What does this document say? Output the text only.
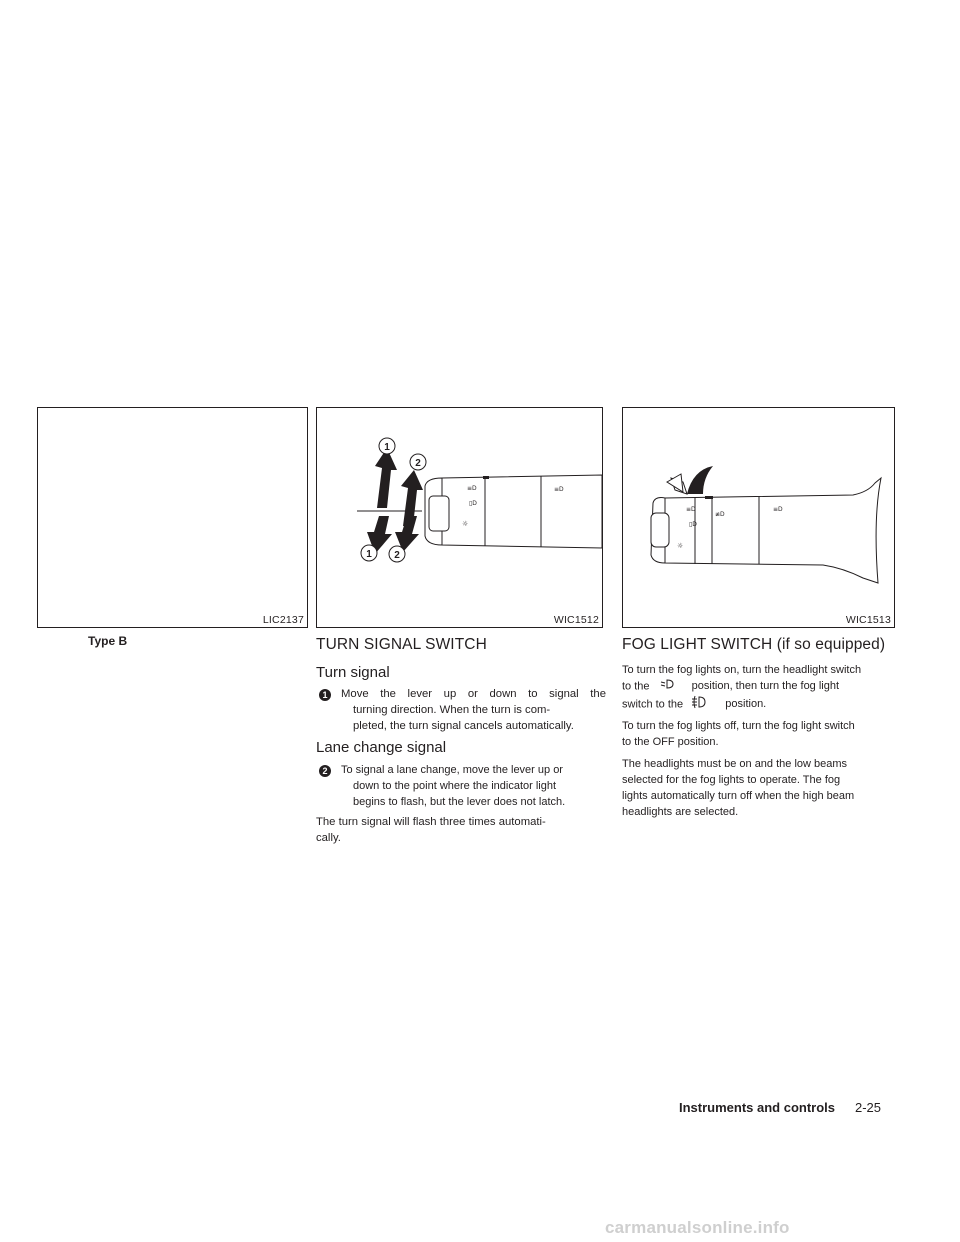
LIC2137
Type B
≡D
▯D
☼
≡D
1
2
1 2
WIC1512
≡D
▯D
≢D
☼
≡D
WIC1513
TURN SIGNAL SWITCH
Turn signal
1	Move the lever up or down to signal the
turning direction. When the turn is com-
pleted, the turn signal cancels automatically.
Lane change signal
2	To signal a lane change, move the lever up or
down to the point where the indicator light
begins to flash, but the lever does not latch.
The turn signal will flash three times automati-
cally.
FOG LIGHT SWITCH (if so equipped)
To turn the fog lights on, turn the headlight switch
to the	position, then turn the fog light
switch to the	position.
To turn the fog lights off, turn the fog light switch
to the OFF position.
The headlights must be on and the low beams
selected for the fog lights to operate. The fog
lights automatically turn off when the high beam
headlights are selected.
Instruments and controls 2-25
carmanualsonline.info
